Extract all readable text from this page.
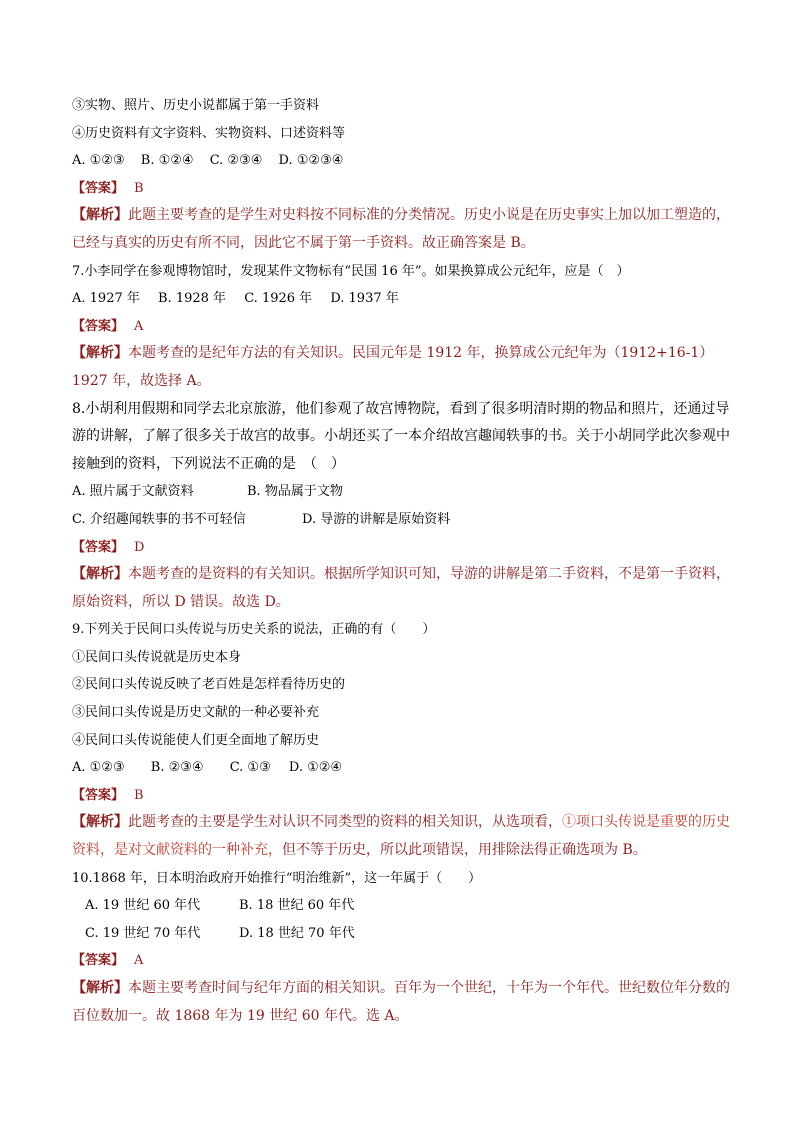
③实物、照片、历史小说都属于第一手资料
④历史资料有文字资料、实物资料、口述资料等
A. ①②③ B. ①②④ C. ②③④ D. ①②③④
【答案】 B
【解析】此题主要考查的是学生对史料按不同标准的分类情况。历史小说是在历史事实上加以加工塑造的，已经与真实的历史有所不同，因此它不属于第一手资料。故正确答案是 B。
7.小李同学在参观博物馆时，发现某件文物标有“民国 16 年”。如果换算成公元纪年，应是（　）
A. 1927 年 B. 1928 年 C. 1926 年 D. 1937 年
【答案】 A
【解析】本题考查的是纪年方法的有关知识。民国元年是 1912 年，换算成公元纪年为（1912+16-1）1927 年，故选择 A。
8.小胡利用假期和同学去北京旅游，他们参观了故宫博物院，看到了很多明清时期的物品和照片，还通过导游的讲解，了解了很多关于故宫的故事。小胡还买了一本介绍故宫趣闻轶事的书。关于小胡同学此次参观中接触到的资料，下列说法不正确的是　（　）
A. 照片属于文献资料	B. 物品属于文物
C. 介绍趣闻轶事的书不可轻信	D. 导游的讲解是原始资料
【答案】 D
【解析】本题考查的是资料的有关知识。根据所学知识可知，导游的讲解是第二手资料，不是第一手资料，原始资料，所以 D 错误。故选 D。
9.下列关于民间口头传说与历史关系的说法，正确的有（　　）
①民间口头传说就是历史本身
②民间口头传说反映了老百姓是怎样看待历史的
③民间口头传说是历史文献的一种必要补充
④民间口头传说能使人们更全面地了解历史
A. ①②③ B. ②③④ C. ①③ D. ①②④
【答案】 B
【解析】此题考查的主要是学生对认识不同类型的资料的相关知识，从选项看，①项口头传说是重要的历史资料，是对文献资料的一种补充，但不等于历史，所以此项错误，用排除法得正确选项为 B。
10.1868 年，日本明治政府开始推行“明治维新”，这一年属于（　　）
A. 19 世纪 60 年代	B. 18 世纪 60 年代
C. 19 世纪 70 年代	D. 18 世纪 70 年代
【答案】 A
【解析】本题主要考查时间与纪年方面的相关知识。百年为一个世纪，十年为一个年代。世纪数位年分数的百位数加一。故 1868 年为 19 世纪 60 年代。选 A。
